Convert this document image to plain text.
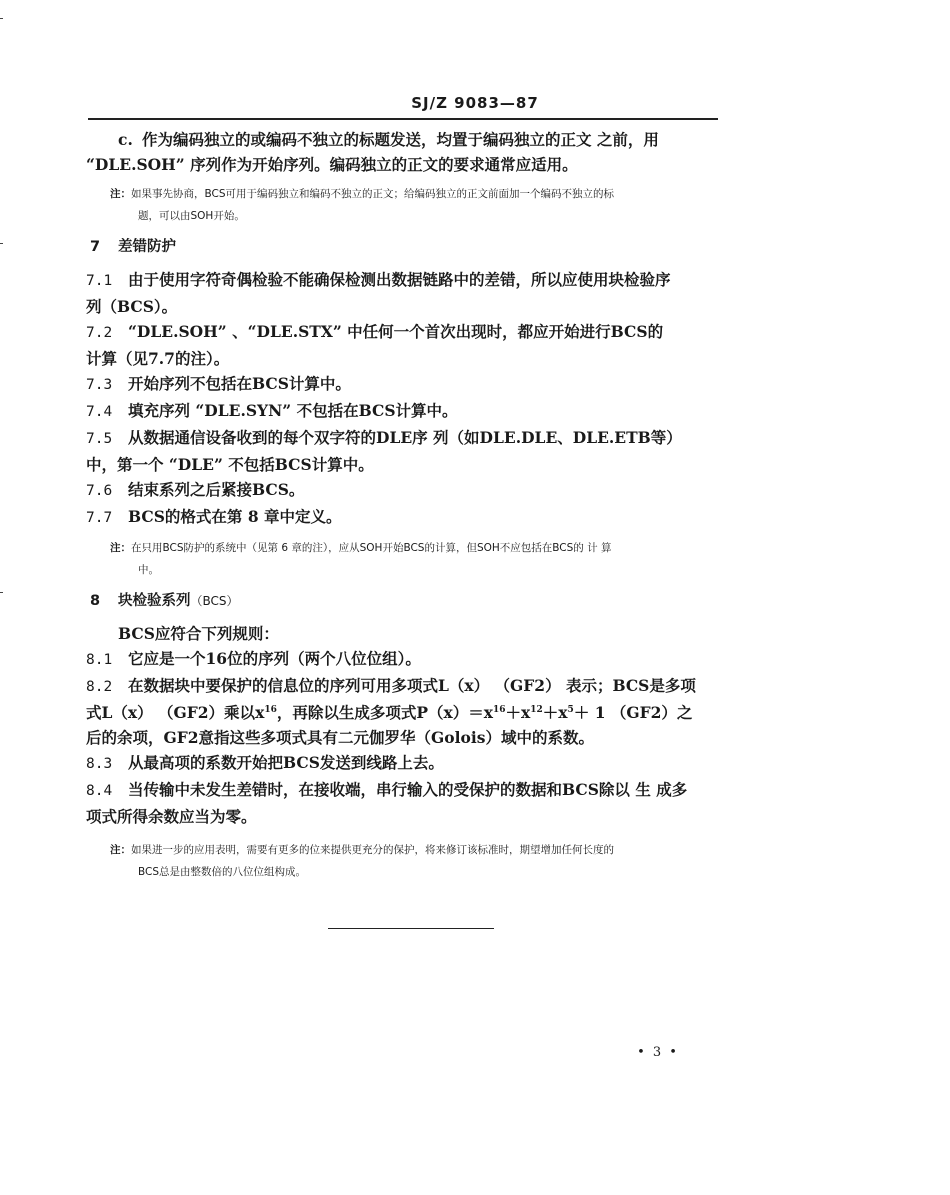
SJ/Z 9083—87

c. 作为编码独立的或编码不独立的标题发送，均置于编码独立的正文 之前，用

“DLE.SOH” 序列作为开始序列。编码独立的正文的要求通常应适用。

注：如果事先协商，BCS可用于编码独立和编码不独立的正文；给编码独立的正文前面加一个编码不独立的标
题，可以由SOH开始。

7 差错防护

7.1 由于使用字符奇偶检验不能确保检测出数据链路中的差错，所以应使用块检验序
列（BCS）。

7.2 “DLE.SOH” 、“DLE.STX” 中任何一个首次出现时，都应开始进行BCS的
计算（见7.7的注）。

7.3 开始序列不包括在BCS计算中。

7.4 填充序列 “DLE.SYN” 不包括在BCS计算中。

7.5 从数据通信设备收到的每个双字符的DLE序 列（如DLE.DLE、DLE.ETB等）
中，第一个 “DLE” 不包括BCS计算中。

7.6 结束系列之后紧接BCS。

7.7 BCS的格式在第 8 章中定义。

注：在只用BCS防护的系统中（见第 6 章的注），应从SOH开始BCS的计算，但SOH不应包括在BCS的 计 算
中。

8 块检验系列（BCS）

BCS应符合下列规则：

8.1 它应是一个16位的序列（两个八位位组）。

8.2 在数据块中要保护的信息位的序列可用多项式L（x） （GF2） 表示；BCS是多项
式L（x） （GF2）乘以$x^{16}$，再除以生成多项式$P(x)=x^{16}+x^{12}+x^5+ 1$ （GF2）之
后的余项，GF2意指这些多项式具有二元伽罗华（Golois）域中的系数。

8.3 从最高项的系数开始把BCS发送到线路上去。

8.4 当传输中未发生差错时，在接收端，串行输入的受保护的数据和BCS除以 生 成多
项式所得余数应当为零。

注：如果进一步的应用表明，需要有更多的位来提供更充分的保护，将来修订该标准时，期望增加任何长度的
BCS总是由整数倍的八位位组构成。

• 3 •
